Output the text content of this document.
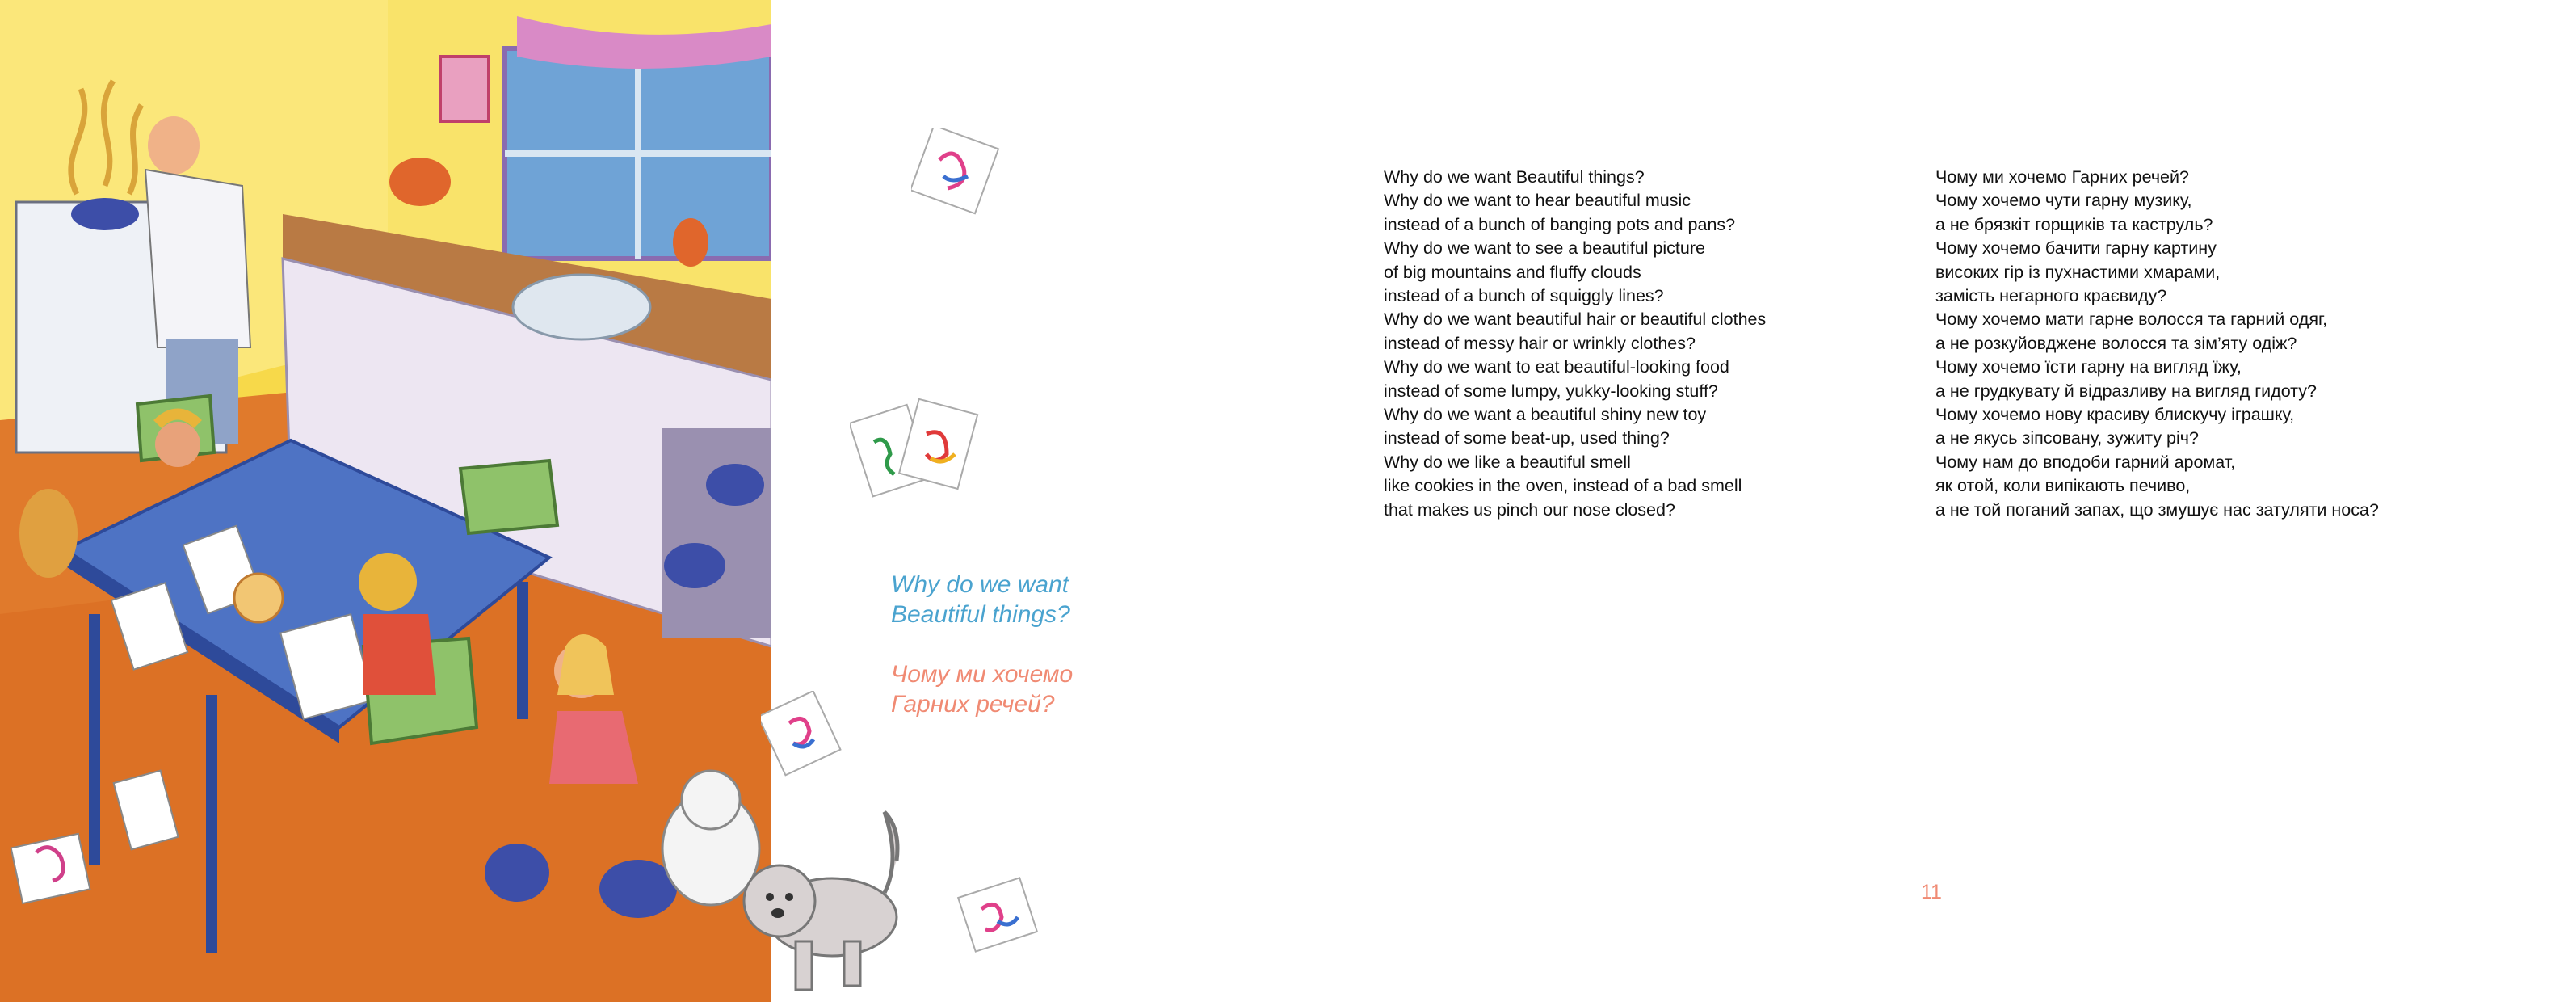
Why do we want
Beautiful things?
Чому ми хочемо
Гарних речей?
Why do we want Beautiful things?
Why do we want to hear beautiful music
instead of a bunch of banging pots and pans?
Why do we want to see a beautiful picture
of big mountains and fluffy clouds
instead of a bunch of squiggly lines?
Why do we want beautiful hair or beautiful clothes
instead of messy hair or wrinkly clothes?
Why do we want to eat beautiful-looking food
instead of some lumpy, yukky-looking stuff?
Why do we want a beautiful shiny new toy
instead of some beat-up, used thing?
Why do we like a beautiful smell
like cookies in the oven, instead of a bad smell
that makes us pinch our nose closed?
Чому ми хочемо Гарних речей?
Чому хочемо чути гарну музику,
а не брязкіт горщиків та каструль?
Чому хочемо бачити гарну картину
високих гір із пухнастими хмарами,
замість негарного краєвиду?
Чому хочемо мати гарне волосся та гарний одяг,
а не розкуйовджене волосся та зім’яту одіж?
Чому хочемо їсти гарну на вигляд їжу,
а не грудкувату й відразливу на вигляд гидоту?
Чому хочемо нову красиву блискучу іграшку,
а не якусь зіпсовану, зужиту річ?
Чому нам до вподоби гарний аромат,
як отой, коли випікають печиво,
а не той поганий запах, що змушує нас затуляти носа?
11
